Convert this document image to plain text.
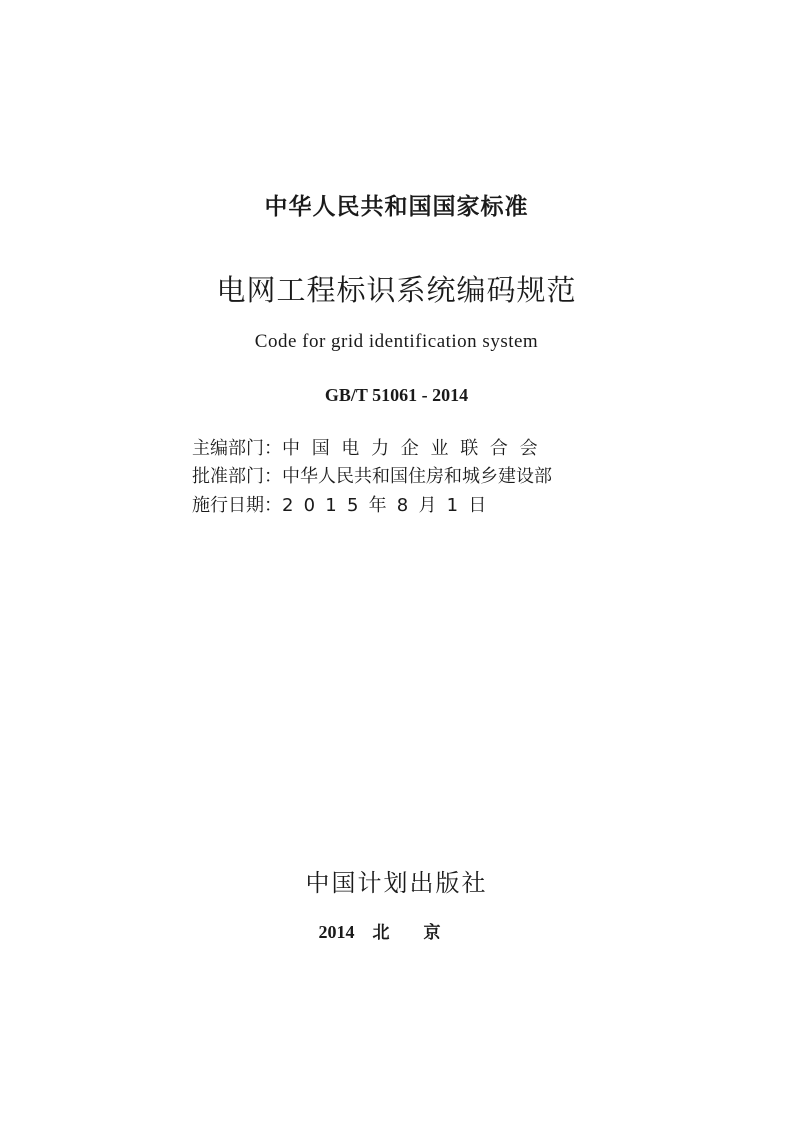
中华人民共和国国家标准
电网工程标识系统编码规范
Code for grid identification system
GB/T 51061 - 2014
主编部门：中国电力企业联合会
批准部门：中华人民共和国住房和城乡建设部
施行日期：2015年8月1日
中国计划出版社
2014 北京
